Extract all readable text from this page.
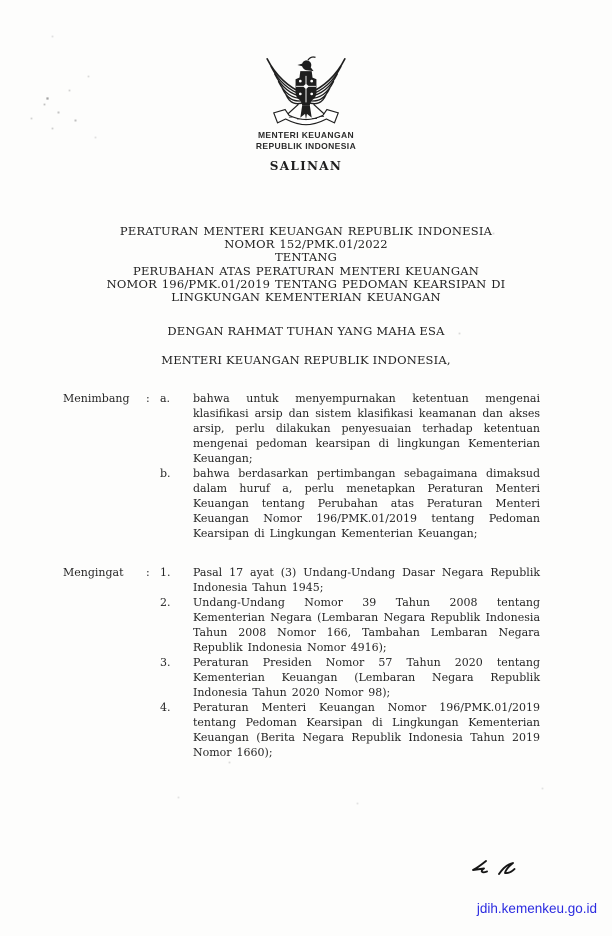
MENTERI KEUANGAN
REPUBLIK INDONESIA
SALINAN
PERATURAN MENTERI KEUANGAN REPUBLIK INDONESIA
NOMOR 152/PMK.01/2022
TENTANG
PERUBAHAN ATAS PERATURAN MENTERI KEUANGAN
NOMOR 196/PMK.01/2019 TENTANG PEDOMAN KEARSIPAN DI
LINGKUNGAN KEMENTERIAN KEUANGAN
DENGAN RAHMAT TUHAN YANG MAHA ESA
MENTERI KEUANGAN REPUBLIK INDONESIA,
Menimbang	: a.	bahwa untuk menyempurnakan ketentuan mengenai klasifikasi arsip dan sistem klasifikasi keamanan dan akses arsip, perlu dilakukan penyesuaian terhadap ketentuan mengenai pedoman kearsipan di lingkungan Kementerian Keuangan;
b.	bahwa berdasarkan pertimbangan sebagaimana dimaksud dalam huruf a, perlu menetapkan Peraturan Menteri Keuangan tentang Perubahan atas Peraturan Menteri Keuangan Nomor 196/PMK.01/2019 tentang Pedoman Kearsipan di Lingkungan Kementerian Keuangan;
Mengingat	: 1.	Pasal 17 ayat (3) Undang-Undang Dasar Negara Republik Indonesia Tahun 1945;
2.	Undang-Undang Nomor 39 Tahun 2008 tentang Kementerian Negara (Lembaran Negara Republik Indonesia Tahun 2008 Nomor 166, Tambahan Lembaran Negara Republik Indonesia Nomor 4916);
3.	Peraturan Presiden Nomor 57 Tahun 2020 tentang Kementerian Keuangan (Lembaran Negara Republik Indonesia Tahun 2020 Nomor 98);
4.	Peraturan Menteri Keuangan Nomor 196/PMK.01/2019 tentang Pedoman Kearsipan di Lingkungan Kementerian Keuangan (Berita Negara Republik Indonesia Tahun 2019 Nomor 1660);
jdih.kemenkeu.go.id
